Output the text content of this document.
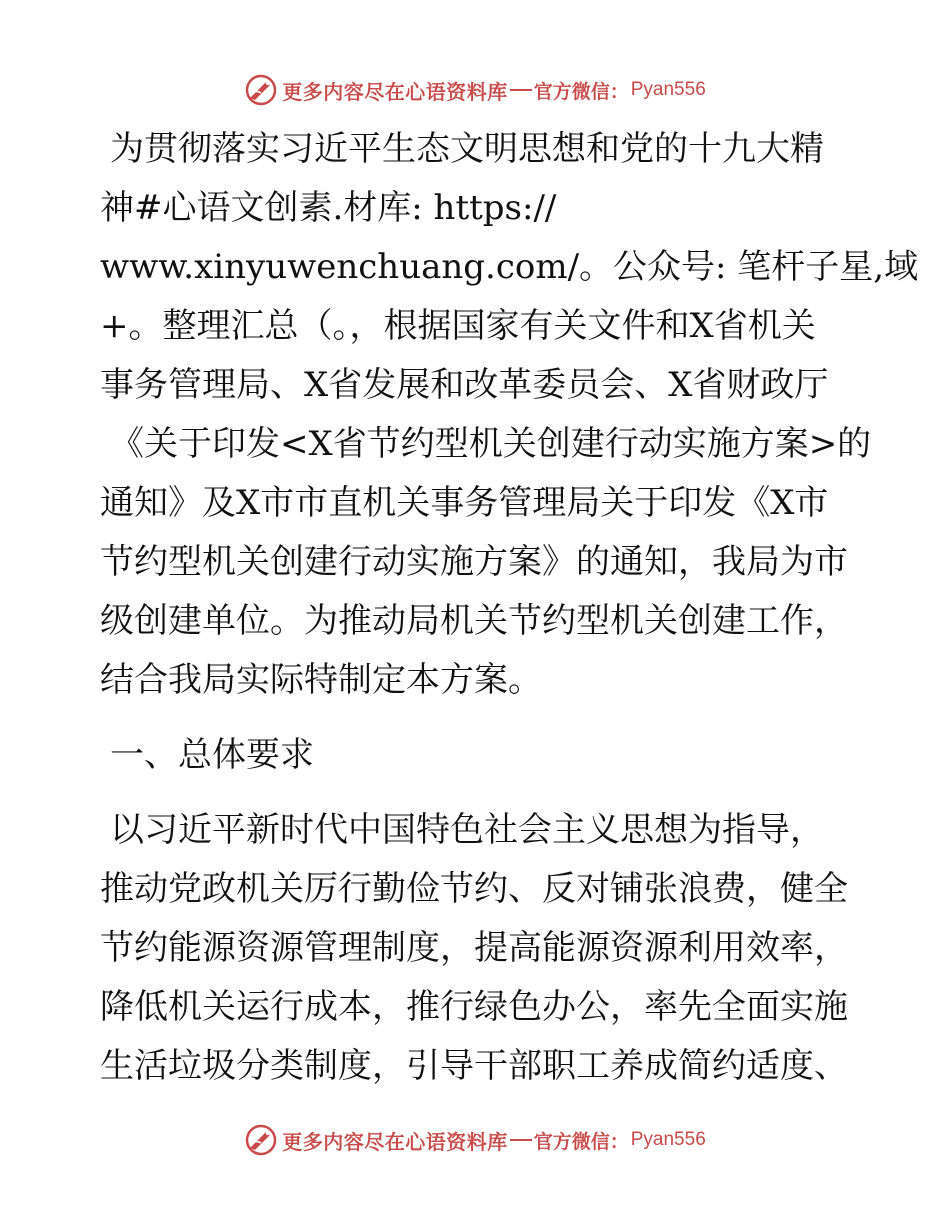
更多内容尽在心语资料库 官方微信： Pyan556
为贯彻落实习近平生态文明思想和党的十九大精
神#心语文创素.材库: https://
www.xinyuwenchuang.com/。公众号: 笔杆子星,域
+。整理汇总（。，根据国家有关文件和X省机关
事务管理局、X省发展和改革委员会、X省财政厅
《关于印发<X省节约型机关创建行动实施方案>的
通知》及X市市直机关事务管理局关于印发《X市
节约型机关创建行动实施方案》的通知，我局为市
级创建单位。为推动局机关节约型机关创建工作，
结合我局实际特制定本方案。
一、总体要求
以习近平新时代中国特色社会主义思想为指导，
推动党政机关厉行勤俭节约、反对铺张浪费，健全
节约能源资源管理制度，提高能源资源利用效率，
降低机关运行成本，推行绿色办公，率先全面实施
生活垃圾分类制度，引导干部职工养成简约适度、
更多内容尽在心语资料库 官方微信： Pyan556
